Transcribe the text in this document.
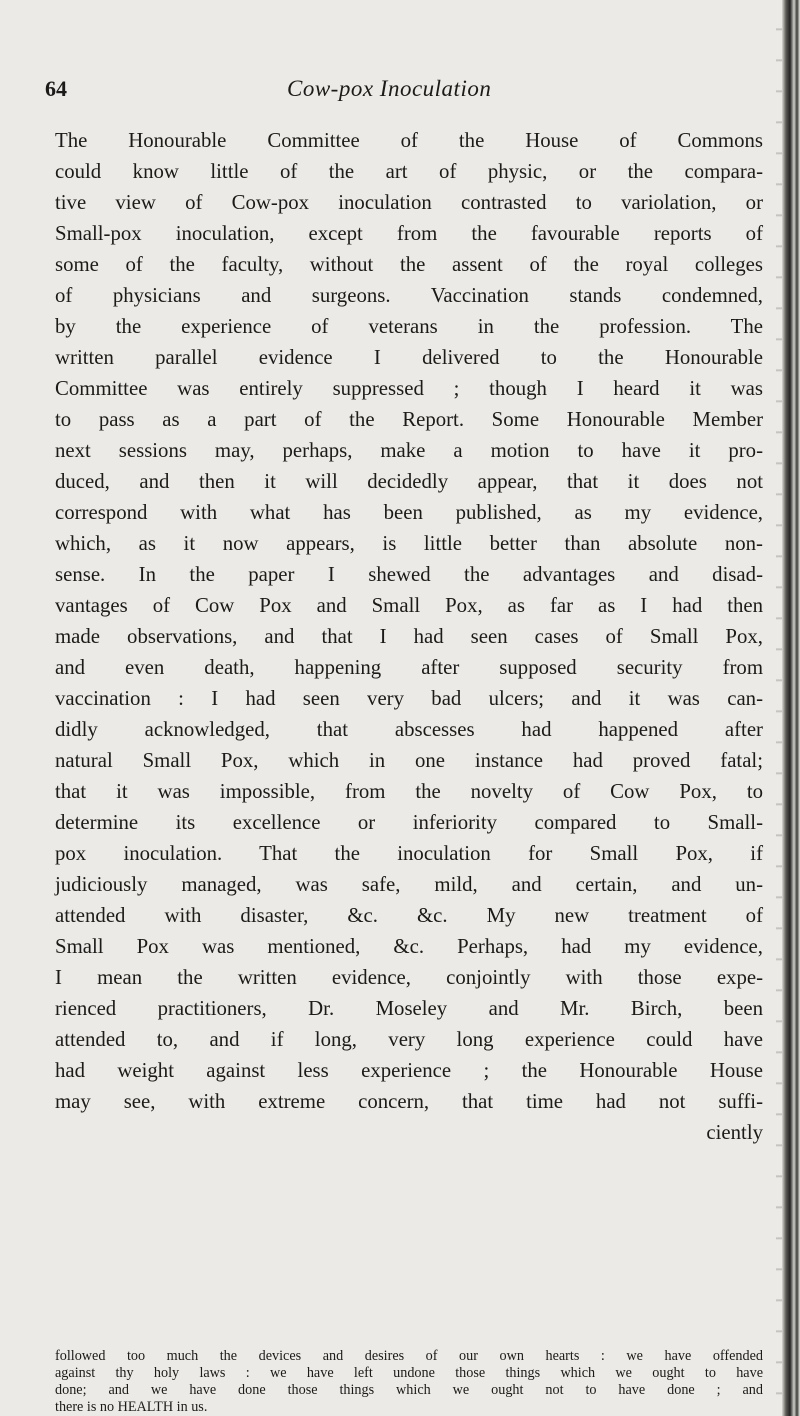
64	Cow-pox Inoculation
The Honourable Committee of the House of Commons
could know little of the art of physic, or the compara-
tive view of Cow-pox inoculation contrasted to variolation, or
Small-pox inoculation, except from the favourable reports of
some of the faculty, without the assent of the royal colleges
of physicians and surgeons. Vaccination stands condemned,
by the experience of veterans in the profession. The
written parallel evidence I delivered to the Honourable
Committee was entirely suppressed ; though I heard it was
to pass as a part of the Report. Some Honourable Member
next sessions may, perhaps, make a motion to have it pro-
duced, and then it will decidedly appear, that it does not
correspond with what has been published, as my evidence,
which, as it now appears, is little better than absolute non-
sense. In the paper I shewed the advantages and disad-
vantages of Cow Pox and Small Pox, as far as I had then
made observations, and that I had seen cases of Small Pox,
and even death, happening after supposed security from
vaccination : I had seen very bad ulcers; and it was can-
didly acknowledged, that abscesses had happened after
natural Small Pox, which in one instance had proved fatal;
that it was impossible, from the novelty of Cow Pox, to
determine its excellence or inferiority compared to Small-
pox inoculation. That the inoculation for Small Pox, if
judiciously managed, was safe, mild, and certain, and un-
attended with disaster, &c. &c. My new treatment of
Small Pox was mentioned, &c. Perhaps, had my evidence,
I mean the written evidence, conjointly with those expe-
rienced practitioners, Dr. Moseley and Mr. Birch, been
attended to, and if long, very long experience could have
had weight against less experience ; the Honourable House
may see, with extreme concern, that time had not suffi-
ciently
followed too much the devices and desires of our own hearts : we have offended
against thy holy laws : we have left undone those things which we ought to have
done; and we have done those things which we ought not to have done ; and
there is no HEALTH in us.
